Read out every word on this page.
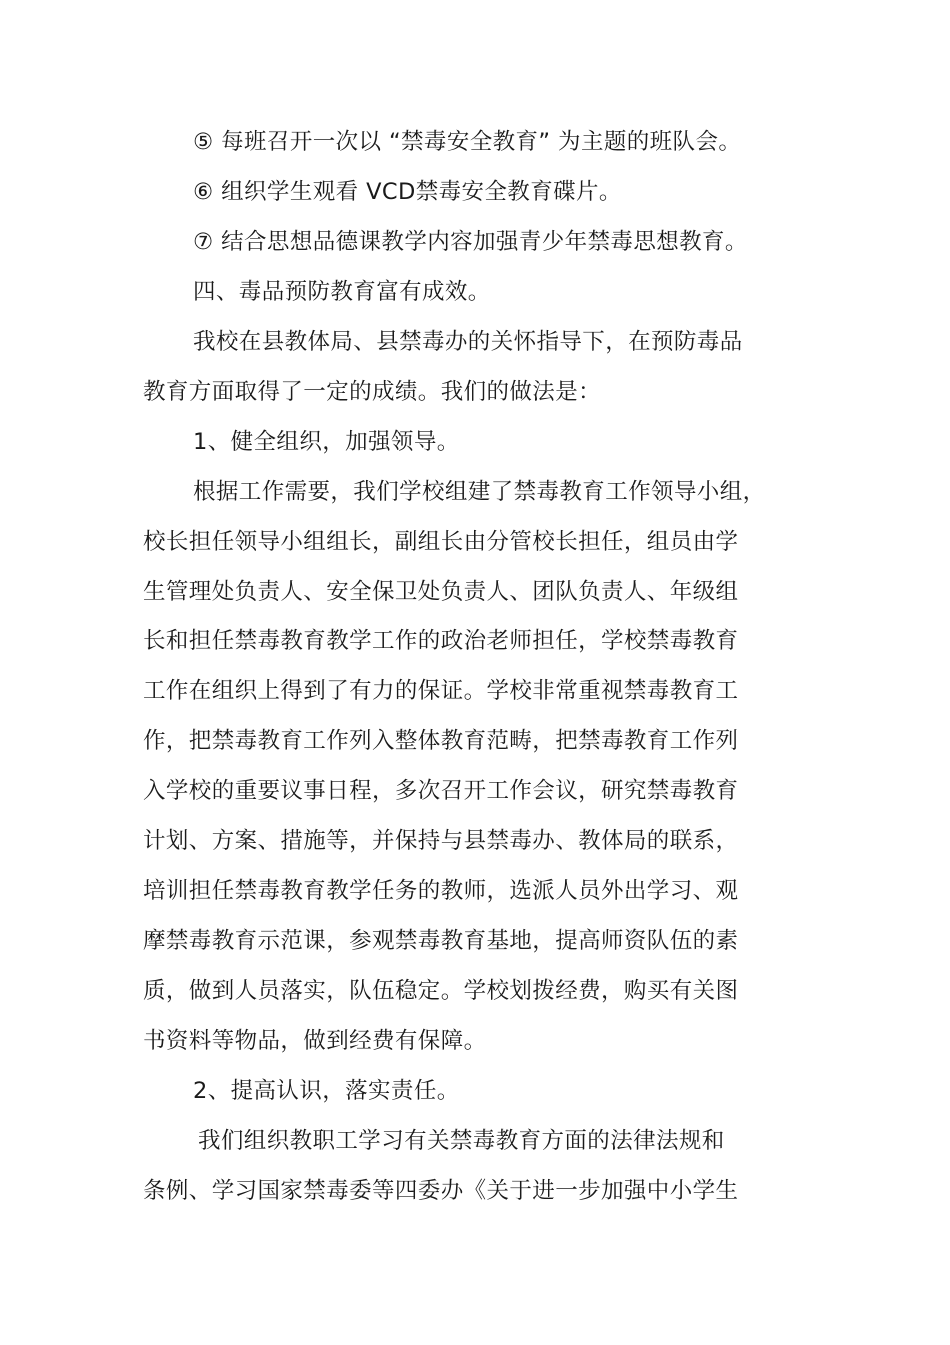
⑤ 每班召开一次以 “禁毒安全教育” 为主题的班队会。
⑥ 组织学生观看 VCD禁毒安全教育碟片。
⑦ 结合思想品德课教学内容加强青少年禁毒思想教育。
四、毒品预防教育富有成效。
我校在县教体局、县禁毒办的关怀指导下，在预防毒品
教育方面取得了一定的成绩。我们的做法是：
1、健全组织，加强领导。
根据工作需要，我们学校组建了禁毒教育工作领导小组，
校长担任领导小组组长，副组长由分管校长担任，组员由学
生管理处负责人、安全保卫处负责人、团队负责人、年级组
长和担任禁毒教育教学工作的政治老师担任，学校禁毒教育
工作在组织上得到了有力的保证。学校非常重视禁毒教育工
作，把禁毒教育工作列入整体教育范畴，把禁毒教育工作列
入学校的重要议事日程，多次召开工作会议，研究禁毒教育
计划、方案、措施等，并保持与县禁毒办、教体局的联系，
培训担任禁毒教育教学任务的教师，选派人员外出学习、观
摩禁毒教育示范课，参观禁毒教育基地，提高师资队伍的素
质，做到人员落实，队伍稳定。学校划拨经费，购买有关图
书资料等物品，做到经费有保障。
2、提高认识，落实责任。
我们组织教职工学习有关禁毒教育方面的法律法规和
条例、学习国家禁毒委等四委办《关于进一步加强中小学生
